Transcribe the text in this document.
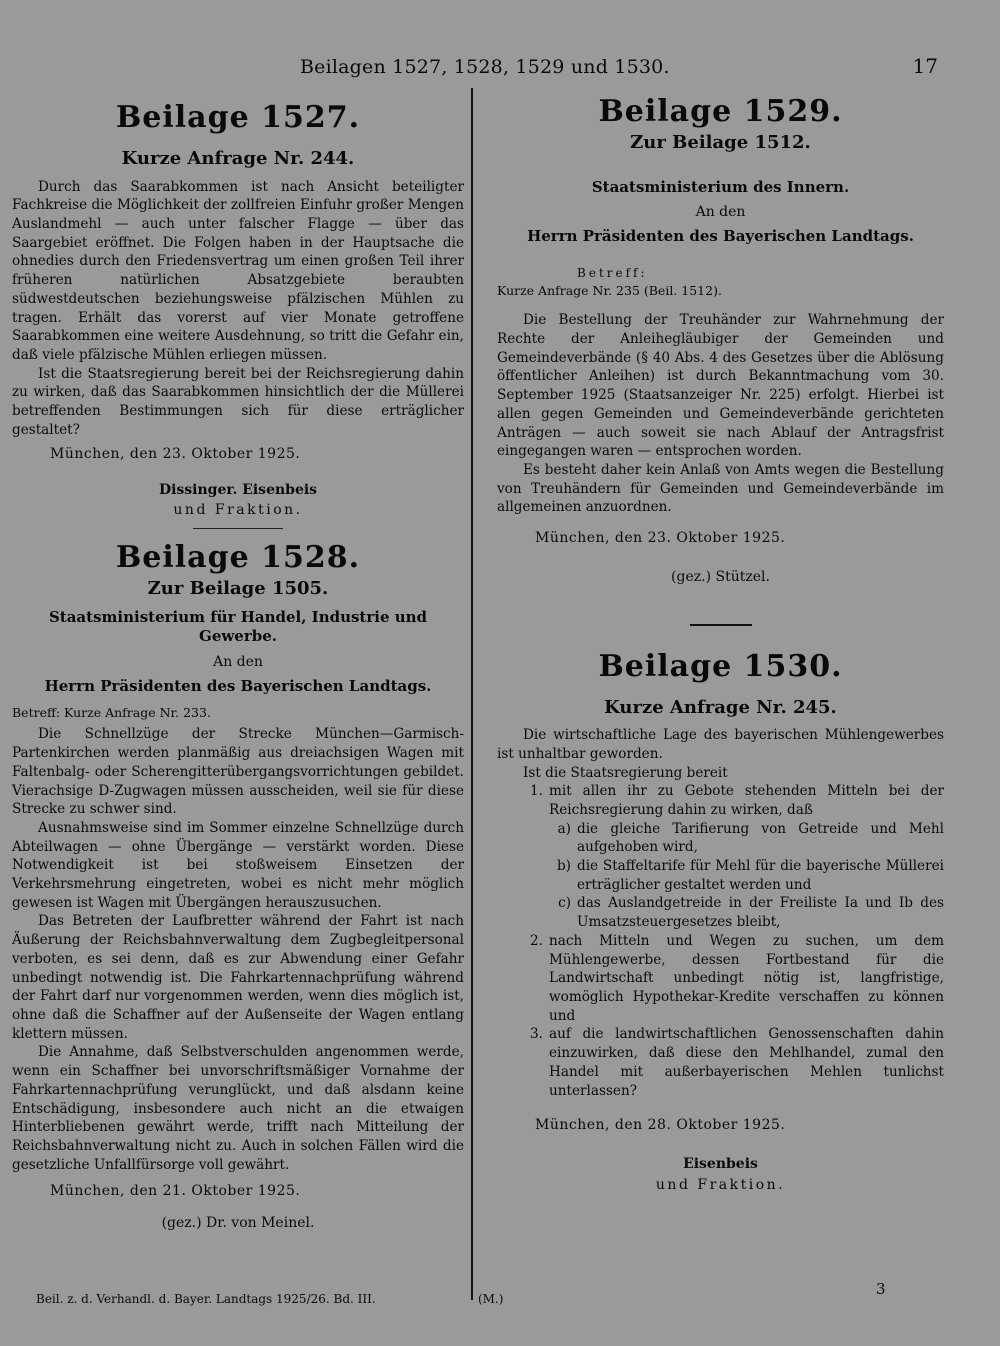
Beilagen 1527, 1528, 1529 und 1530.	17
Beilage 1527.
Kurze Anfrage Nr. 244.

Durch das Saarabkommen ist nach Ansicht beteiligter Fachkreise die Möglichkeit der zollfreien Einfuhr großer Mengen Auslandmehl — auch unter falscher Flagge — über das Saargebiet eröffnet. Die Folgen haben in der Hauptsache die ohnedies durch den Friedensvertrag um einen großen Teil ihrer früheren natürlichen Absatzgebiete beraubten südwestdeutschen beziehungsweise pfälzischen Mühlen zu tragen. Erhält das vorerst auf vier Monate getroffene Saarabkommen eine weitere Ausdehnung, so tritt die Gefahr ein, daß viele pfälzische Mühlen erliegen müssen.

Ist die Staatsregierung bereit bei der Reichsregierung dahin zu wirken, daß das Saarabkommen hinsichtlich der die Müllerei betreffenden Bestimmungen sich für diese erträglicher gestaltet?

München, den 23. Oktober 1925.
Dissinger. Eisenbeis
und Fraktion.
Beilage 1528.
Zur Beilage 1505.
Staatsministerium für Handel, Industrie und Gewerbe.
An den
Herrn Präsidenten des Bayerischen Landtags.

Betreff: Kurze Anfrage Nr. 233.

Die Schnellzüge der Strecke München—Garmisch-Partenkirchen werden planmäßig aus dreiachsigen Wagen mit Faltenbalg- oder Scherengitterübergangsvorrichtungen gebildet. Vierachsige D-Zugwagen müssen ausscheiden, weil sie für diese Strecke zu schwer sind.

Ausnahmsweise sind im Sommer einzelne Schnellzüge durch Abteilwagen — ohne Übergänge — verstärkt worden. Diese Notwendigkeit ist bei stoßweisem Einsetzen der Verkehrsmehrung eingetreten, wobei es nicht mehr möglich gewesen ist Wagen mit Übergängen herauszusuchen.

Das Betreten der Laufbretter während der Fahrt ist nach Äußerung der Reichsbahnverwaltung dem Zugbegleitpersonal verboten, es sei denn, daß es zur Abwendung einer Gefahr unbedingt notwendig ist. Die Fahrkartennachprüfung während der Fahrt darf nur vorgenommen werden, wenn dies möglich ist, ohne daß die Schaffner auf der Außenseite der Wagen entlang klettern müssen.

Die Annahme, daß Selbstverschulden angenommen werde, wenn ein Schaffner bei unvorschriftsmäßiger Vornahme der Fahrkartennachprüfung verunglückt, und daß alsdann keine Entschädigung, insbesondere auch nicht an die etwaigen Hinterbliebenen gewährt werde, trifft nach Mitteilung der Reichsbahnverwaltung nicht zu. Auch in solchen Fällen wird die gesetzliche Unfallfürsorge voll gewährt.

München, den 21. Oktober 1925.
(gez.) Dr. von Meinel.
Beilage 1529.
Zur Beilage 1512.
Staatsministerium des Innern.
An den
Herrn Präsidenten des Bayerischen Landtags.
Betreff:
Kurze Anfrage Nr. 235 (Beil. 1512).

Die Bestellung der Treuhänder zur Wahrnehmung der Rechte der Anleihegläubiger der Gemeinden und Gemeindeverbände (§ 40 Abs. 4 des Gesetzes über die Ablösung öffentlicher Anleihen) ist durch Bekanntmachung vom 30. September 1925 (Staatsanzeiger Nr. 225) erfolgt. Hierbei ist allen gegen Gemeinden und Gemeindeverbände gerichteten Anträgen — auch soweit sie nach Ablauf der Antragsfrist eingegangen waren — entsprochen worden.

Es besteht daher kein Anlaß von Amts wegen die Bestellung von Treuhändern für Gemeinden und Gemeindeverbände im allgemeinen anzuordnen.

München, den 23. Oktober 1925.
(gez.) Stützel.
Beilage 1530.
Kurze Anfrage Nr. 245.

Die wirtschaftliche Lage des bayerischen Mühlengewerbes ist unhaltbar geworden.

Ist die Staatsregierung bereit

1. mit allen ihr zu Gebote stehenden Mitteln bei der Reichsregierung dahin zu wirken, daß
a) die gleiche Tarifierung von Getreide und Mehl aufgehoben wird,
b) die Staffeltarife für Mehl für die bayerische Müllerei erträglicher gestaltet werden und
c) das Auslandgetreide in der Freiliste Ia und Ib des Umsatzsteuergesetzes bleibt,
2. nach Mitteln und Wegen zu suchen, um dem Mühlengewerbe, dessen Fortbestand für die Landwirtschaft unbedingt nötig ist, langfristige, womöglich Hypothekar-Kredite verschaffen zu können und
3. auf die landwirtschaftlichen Genossenschaften dahin einzuwirken, daß diese den Mehlhandel, zumal den Handel mit außerbayerischen Mehlen tunlichst unterlassen?
München, den 28. Oktober 1925.
Eisenbeis
und Fraktion.
Beil. z. d. Verhandl. d. Bayer. Landtags 1925/26. Bd. III.	(M.)
3
